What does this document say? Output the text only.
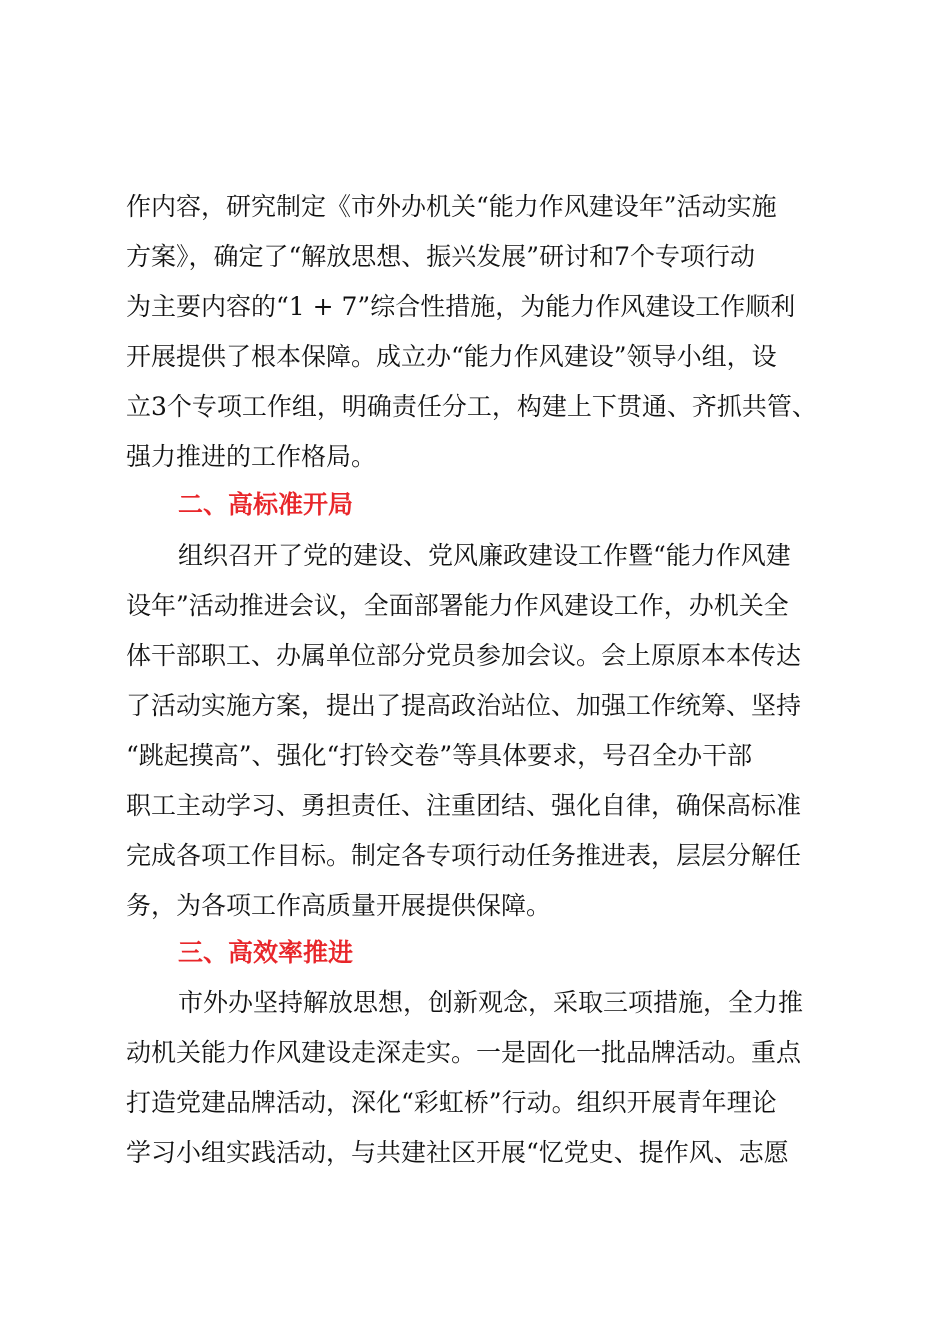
作内容，研究制定《市外办机关“能力作风建设年”活动实施
方案》，确定了“解放思想、振兴发展”研讨和7个专项行动
为主要内容的“1 + 7”综合性措施，为能力作风建设工作顺利
开展提供了根本保障。成立办“能力作风建设”领导小组，设
立3个专项工作组，明确责任分工，构建上下贯通、齐抓共管、
强力推进的工作格局。
二、高标准开局
组织召开了党的建设、党风廉政建设工作暨“能力作风建
设年”活动推进会议，全面部署能力作风建设工作，办机关全
体干部职工、办属单位部分党员参加会议。会上原原本本传达
了活动实施方案，提出了提高政治站位、加强工作统筹、坚持
“跳起摸高”、强化“打铃交卷”等具体要求，号召全办干部
职工主动学习、勇担责任、注重团结、强化自律，确保高标准
完成各项工作目标。制定各专项行动任务推进表，层层分解任
务，为各项工作高质量开展提供保障。
三、高效率推进
市外办坚持解放思想，创新观念，采取三项措施，全力推
动机关能力作风建设走深走实。一是固化一批品牌活动。重点
打造党建品牌活动，深化“彩虹桥”行动。组织开展青年理论
学习小组实践活动，与共建社区开展“忆党史、提作风、志愿
